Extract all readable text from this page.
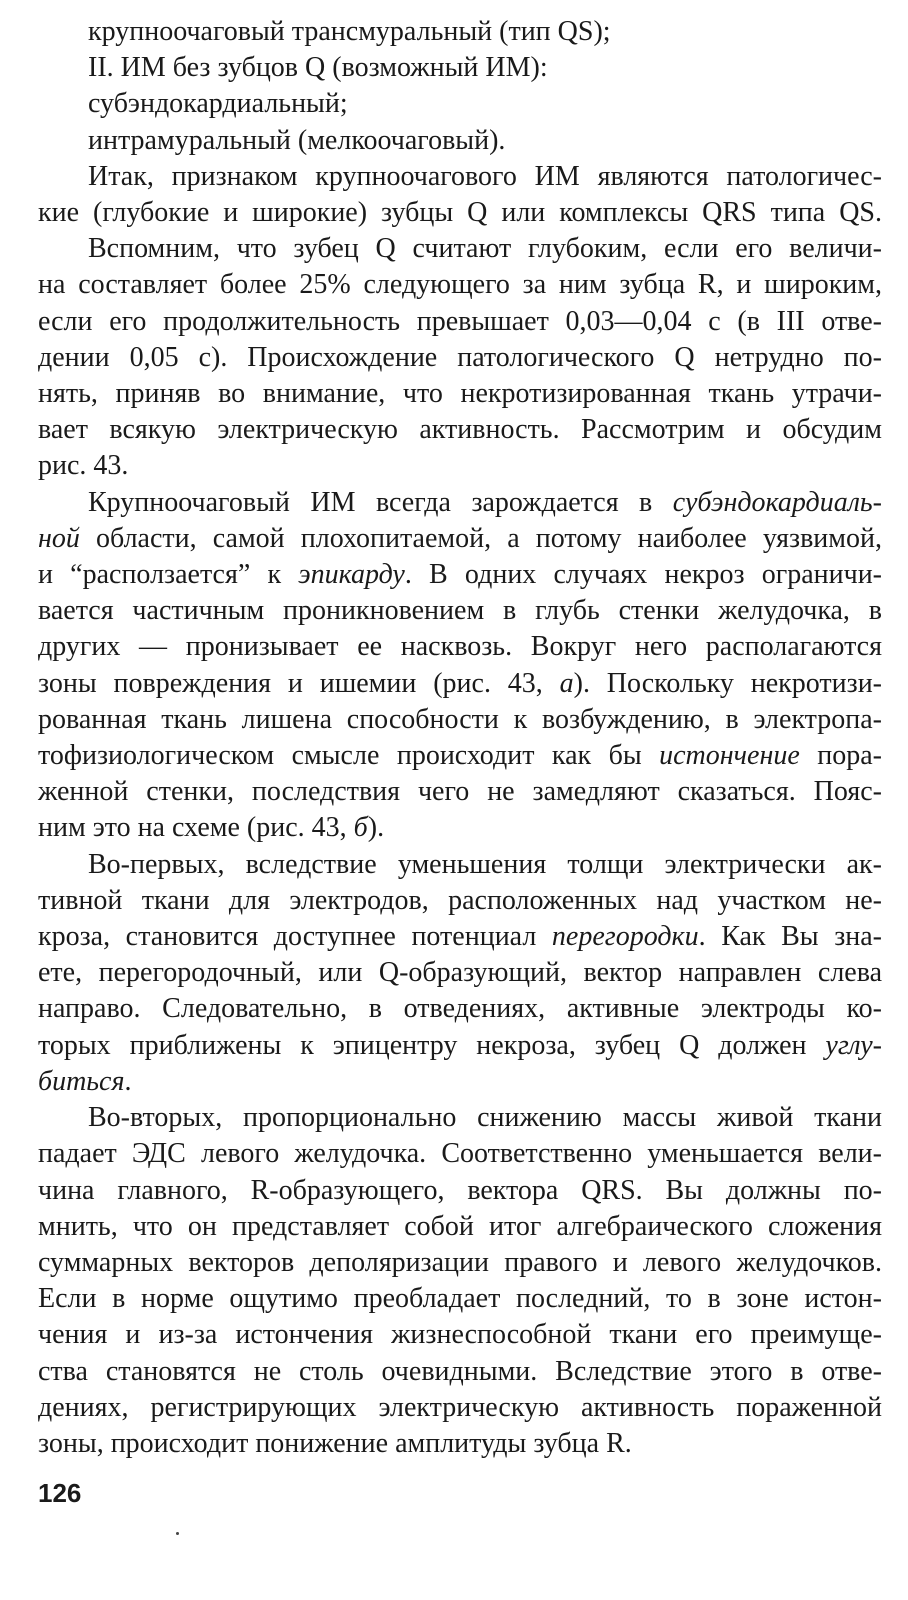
крупноочаговый трансмуральный (тип QS);
II. ИМ без зубцов Q (возможный ИМ):
субэндокардиальный;
интрамуральный (мелкоочаговый).
Итак, признаком крупноочагового ИМ являются патологичес-
кие (глубокие и широкие) зубцы Q или комплексы QRS типа QS.
Вспомним, что зубец Q считают глубоким, если его величи-
на составляет более 25% следующего за ним зубца R, и широким,
если его продолжительность превышает 0,03—0,04 с (в III отве-
дении 0,05 с). Происхождение патологического Q нетрудно по-
нять, приняв во внимание, что некротизированная ткань утрачи-
вает всякую электрическую активность. Рассмотрим и обсудим
рис. 43.
Крупноочаговый ИМ всегда зарождается в субэндокардиаль-
ной области, самой плохопитаемой, а потому наиболее уязвимой,
и “расползается” к эпикарду. В одних случаях некроз ограничи-
вается частичным проникновением в глубь стенки желудочка, в
других — пронизывает ее насквозь. Вокруг него располагаются
зоны повреждения и ишемии (рис. 43, а). Поскольку некротизи-
рованная ткань лишена способности к возбуждению, в электропа-
тофизиологическом смысле происходит как бы истончение пора-
женной стенки, последствия чего не замедляют сказаться. Пояс-
ним это на схеме (рис. 43, б).
Во-первых, вследствие уменьшения толщи электрически ак-
тивной ткани для электродов, расположенных над участком не-
кроза, становится доступнее потенциал перегородки. Как Вы зна-
ете, перегородочный, или Q-образующий, вектор направлен слева
направо. Следовательно, в отведениях, активные электроды ко-
торых приближены к эпицентру некроза, зубец Q должен углу-
биться.
Во-вторых, пропорционально снижению массы живой ткани
падает ЭДС левого желудочка. Соответственно уменьшается вели-
чина главного, R-образующего, вектора QRS. Вы должны по-
мнить, что он представляет собой итог алгебраического сложения
суммарных векторов деполяризации правого и левого желудочков.
Если в норме ощутимо преобладает последний, то в зоне истон-
чения и из-за истончения жизнеспособной ткани его преимуще-
ства становятся не столь очевидными. Вследствие этого в отве-
дениях, регистрирующих электрическую активность пораженной
зоны, происходит понижение амплитуды зубца R.
126
